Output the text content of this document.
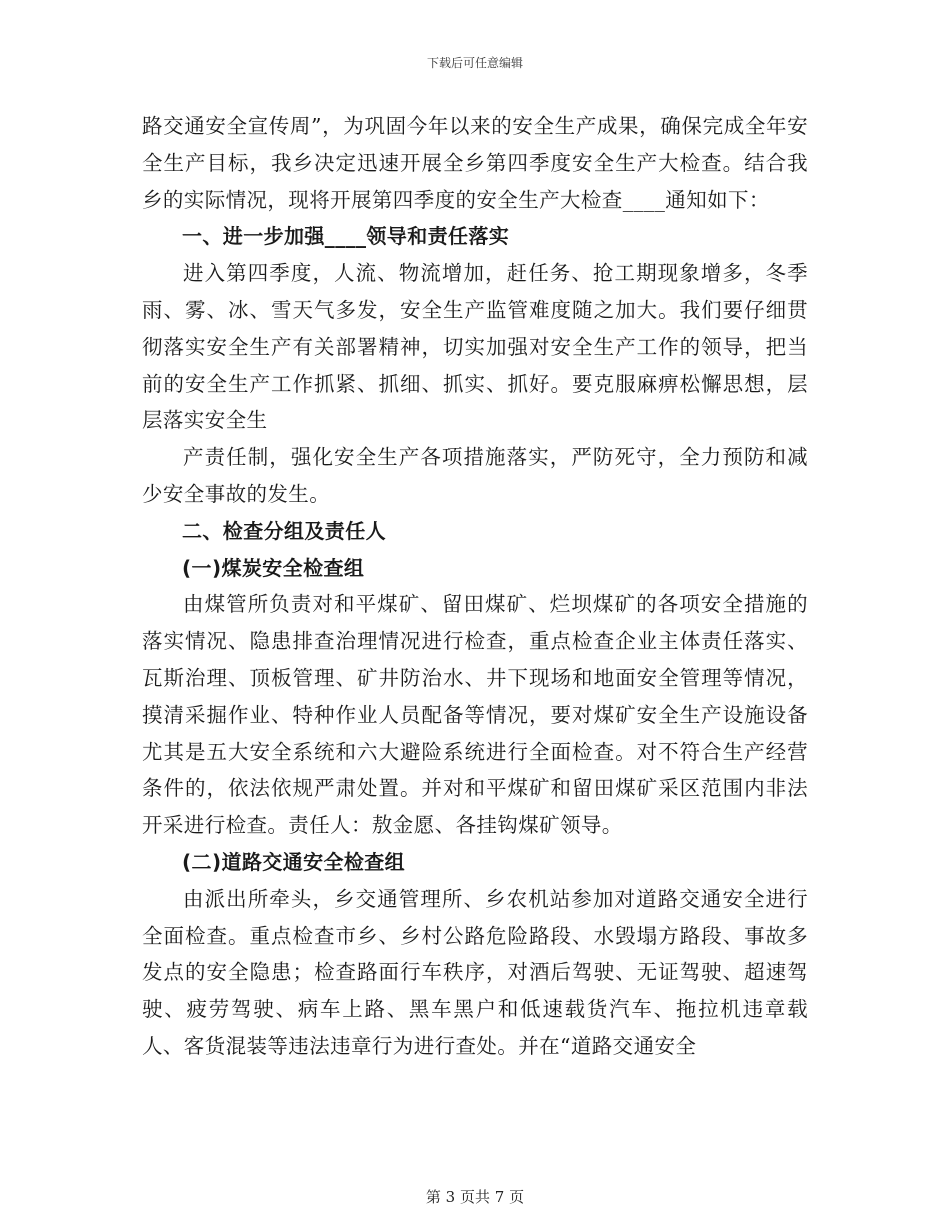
下载后可任意编辑

路交通安全宣传周”，为巩固今年以来的安全生产成果，确保完成全年安全生产目标，我乡决定迅速开展全乡第四季度安全生产大检查。结合我乡的实际情况，现将开展第四季度的安全生产大检查____通知如下：

一、进一步加强____领导和责任落实

进入第四季度，人流、物流增加，赶任务、抢工期现象增多，冬季雨、雾、冰、雪天气多发，安全生产监管难度随之加大。我们要仔细贯彻落实安全生产有关部署精神，切实加强对安全生产工作的领导，把当前的安全生产工作抓紧、抓细、抓实、抓好。要克服麻痹松懈思想，层层落实安全生

产责任制，强化安全生产各项措施落实，严防死守，全力预防和减少安全事故的发生。

二、检查分组及责任人

(一)煤炭安全检查组

由煤管所负责对和平煤矿、留田煤矿、烂坝煤矿的各项安全措施的落实情况、隐患排查治理情况进行检查，重点检查企业主体责任落实、瓦斯治理、顶板管理、矿井防治水、井下现场和地面安全管理等情况，摸清采掘作业、特种作业人员配备等情况，要对煤矿安全生产设施设备尤其是五大安全系统和六大避险系统进行全面检查。对不符合生产经营条件的，依法依规严肃处置。并对和平煤矿和留田煤矿采区范围内非法开采进行检查。责任人：敖金愿、各挂钩煤矿领导。

(二)道路交通安全检查组

由派出所牵头，乡交通管理所、乡农机站参加对道路交通安全进行全面检查。重点检查市乡、乡村公路危险路段、水毁塌方路段、事故多发点的安全隐患；检查路面行车秩序，对酒后驾驶、无证驾驶、超速驾驶、疲劳驾驶、病车上路、黑车黑户和低速载货汽车、拖拉机违章载人、客货混装等违法违章行为进行查处。并在“道路交通安全

第 3 页共 7 页
